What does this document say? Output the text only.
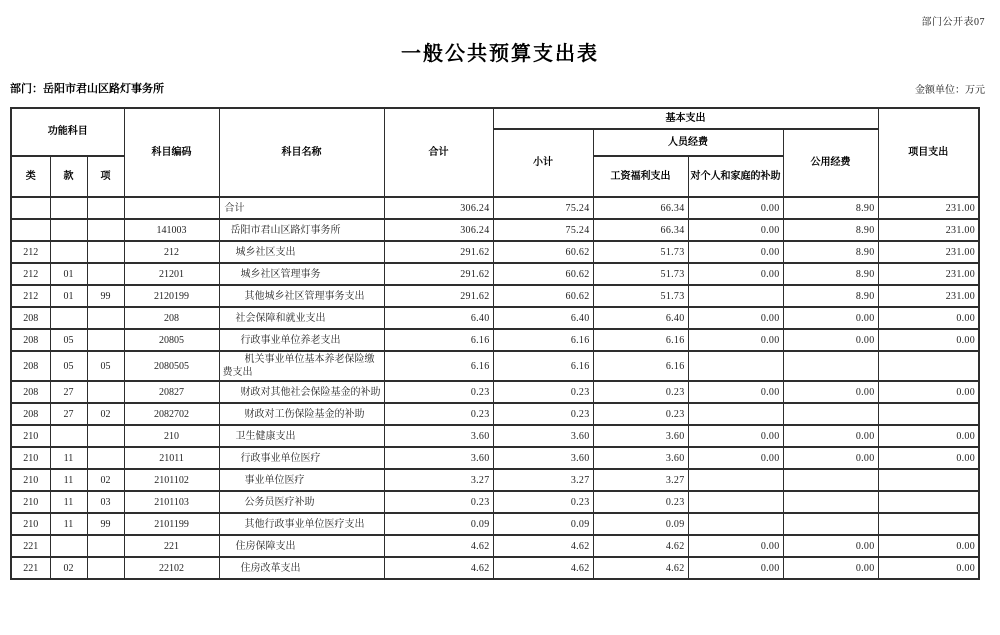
部门公开表07
一般公共预算支出表
部门：岳阳市君山区路灯事务所	金额单位：万元
功能科目			科目编码	科目名称	合计	基本支出				项目支出
						小计	人员经费		公用经费	
类	款	项					工资福利支出	对个人和家庭的补助		
				合计	306.24	75.24	66.34	0.00	8.90	231.00
			141003	岳阳市君山区路灯事务所	306.24	75.24	66.34	0.00	8.90	231.00
212			212	城乡社区支出	291.62	60.62	51.73	0.00	8.90	231.00
212	01		21201	城乡社区管理事务	291.62	60.62	51.73	0.00	8.90	231.00
212	01	99	2120199	其他城乡社区管理事务支出	291.62	60.62	51.73		8.90	231.00
208			208	社会保障和就业支出	6.40	6.40	6.40	0.00	0.00	0.00
208	05		20805	行政事业单位养老支出	6.16	6.16	6.16	0.00	0.00	0.00
208	05	05	2080505	机关事业单位基本养老保险缴费支出	6.16	6.16	6.16			
208	27		20827	财政对其他社会保险基金的补助	0.23	0.23	0.23	0.00	0.00	0.00
208	27	02	2082702	财政对工伤保险基金的补助	0.23	0.23	0.23			
210			210	卫生健康支出	3.60	3.60	3.60	0.00	0.00	0.00
210	11		21011	行政事业单位医疗	3.60	3.60	3.60	0.00	0.00	0.00
210	11	02	2101102	事业单位医疗	3.27	3.27	3.27			
210	11	03	2101103	公务员医疗补助	0.23	0.23	0.23			
210	11	99	2101199	其他行政事业单位医疗支出	0.09	0.09	0.09			
221			221	住房保障支出	4.62	4.62	4.62	0.00	0.00	0.00
221	02		22102	住房改革支出	4.62	4.62	4.62	0.00	0.00	0.00
